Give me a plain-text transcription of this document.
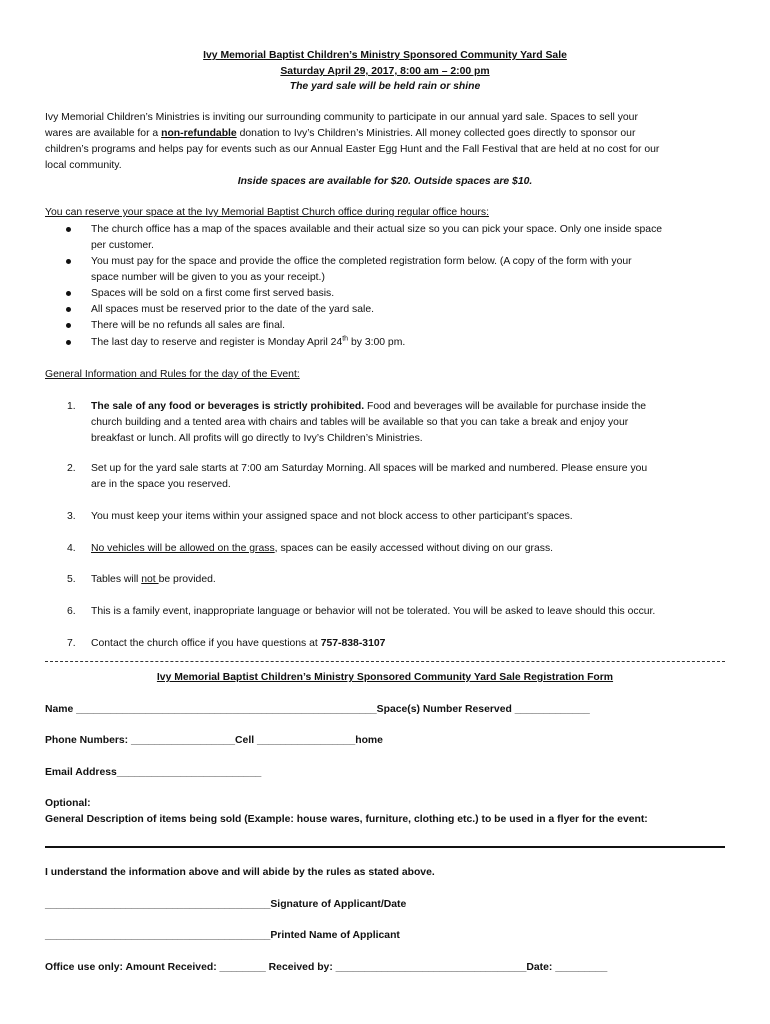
Ivy Memorial Baptist Children’s Ministry Sponsored Community Yard Sale
Saturday April 29, 2017, 8:00 am – 2:00 pm
The yard sale will be held rain or shine
Ivy Memorial Children’s Ministries is inviting our surrounding community to participate in our annual yard sale. Spaces to sell your
wares are available for a non-refundable donation to Ivy’s Children’s Ministries. All money collected goes directly to sponsor our
children’s programs and helps pay for events such as our Annual Easter Egg Hunt and the Fall Festival that are held at no cost for our
local community.
Inside spaces are available for $20. Outside spaces are $10.
You can reserve your space at the Ivy Memorial Baptist Church office during regular office hours:
The church office has a map of the spaces available and their actual size so you can pick your space. Only one inside space
per customer.
You must pay for the space and provide the office the completed registration form below. (A copy of the form with your
space number will be given to you as your receipt.)
Spaces will be sold on a first come first served basis.
All spaces must be reserved prior to the date of the yard sale.
There will be no refunds all sales are final.
The last day to reserve and register is Monday April 24th by 3:00 pm.
General Information and Rules for the day of the Event:
1. The sale of any food or beverages is strictly prohibited. Food and beverages will be available for purchase inside the
church building and a tented area with chairs and tables will be available so that you can take a break and enjoy your
breakfast or lunch. All profits will go directly to Ivy’s Children’s Ministries.
2. Set up for the yard sale starts at 7:00 am Saturday Morning. All spaces will be marked and numbered. Please ensure you
are in the space you reserved.
3. You must keep your items within your assigned space and not block access to other participant’s spaces.
4. No vehicles will be allowed on the grass, spaces can be easily accessed without diving on our grass.
5. Tables will not be provided.
6. This is a family event, inappropriate language or behavior will not be tolerated. You will be asked to leave should this occur.
7. Contact the church office if you have questions at 757-838-3107
Ivy Memorial Baptist Children’s Ministry Sponsored Community Yard Sale Registration Form
Name ____________________________________________________Space(s) Number Reserved _____________
Phone Numbers: __________________Cell _________________home
Email Address_________________________
Optional:
General Description of items being sold (Example: house wares, furniture, clothing etc.) to be used in a flyer for the event:
I understand the information above and will abide by the rules as stated above.
_______________________________________Signature of Applicant/Date
_______________________________________Printed Name of Applicant
Office use only: Amount Received: ________ Received by: _________________________________Date: _________
